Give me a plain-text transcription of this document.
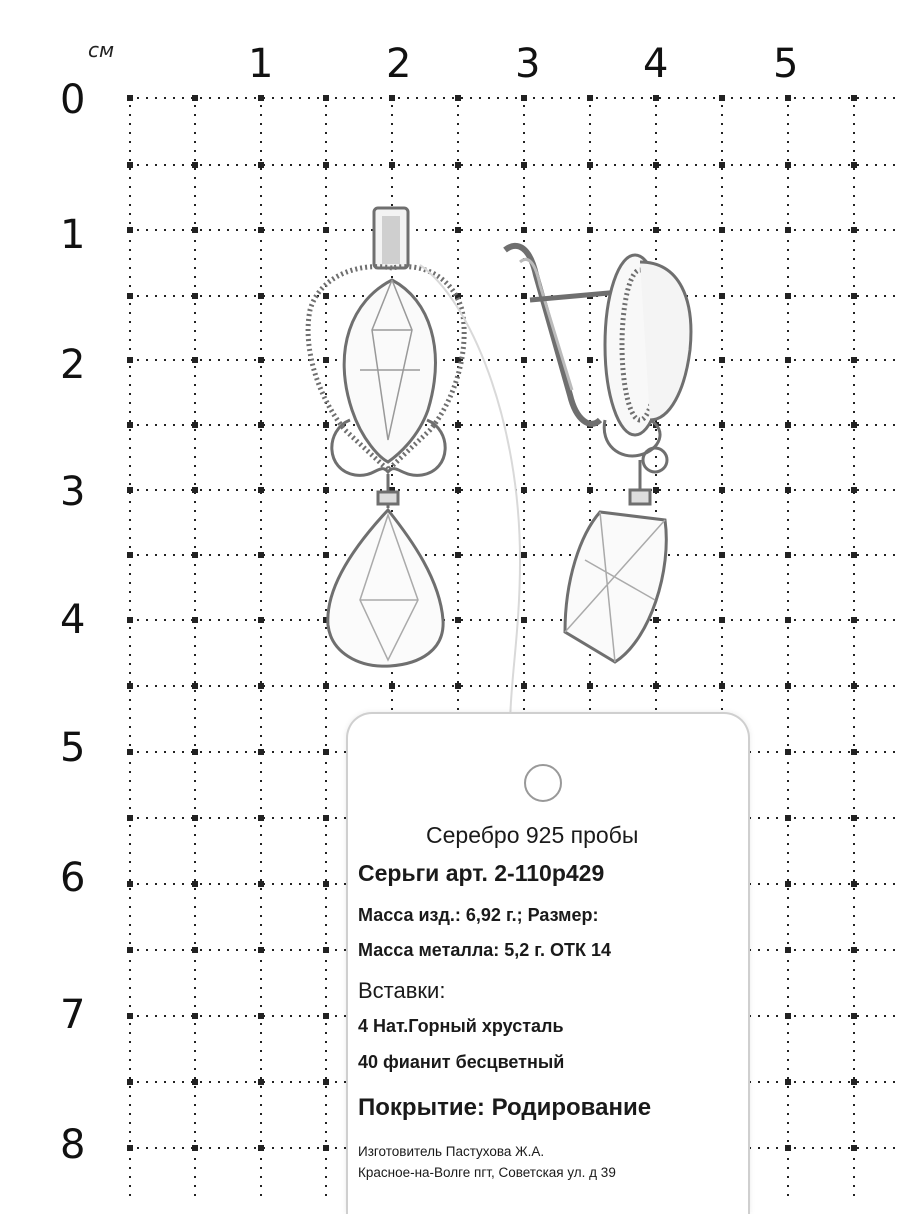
см	1	2	3	4	5
0
1
2
3
4
5
6
7
8
Серебро 925 пробы
Серьги арт. 2-110р429
Масса изд.: 6,92 г.; Размер:
Масса металла: 5,2 г. ОТК 14
Вставки:
4 Нат.Горный хрусталь
40 фианит бесцветный
Покрытие: Родирование
Изготовитель Пастухова Ж.А.
Красное-на-Волге пгт, Советская ул. д 39
